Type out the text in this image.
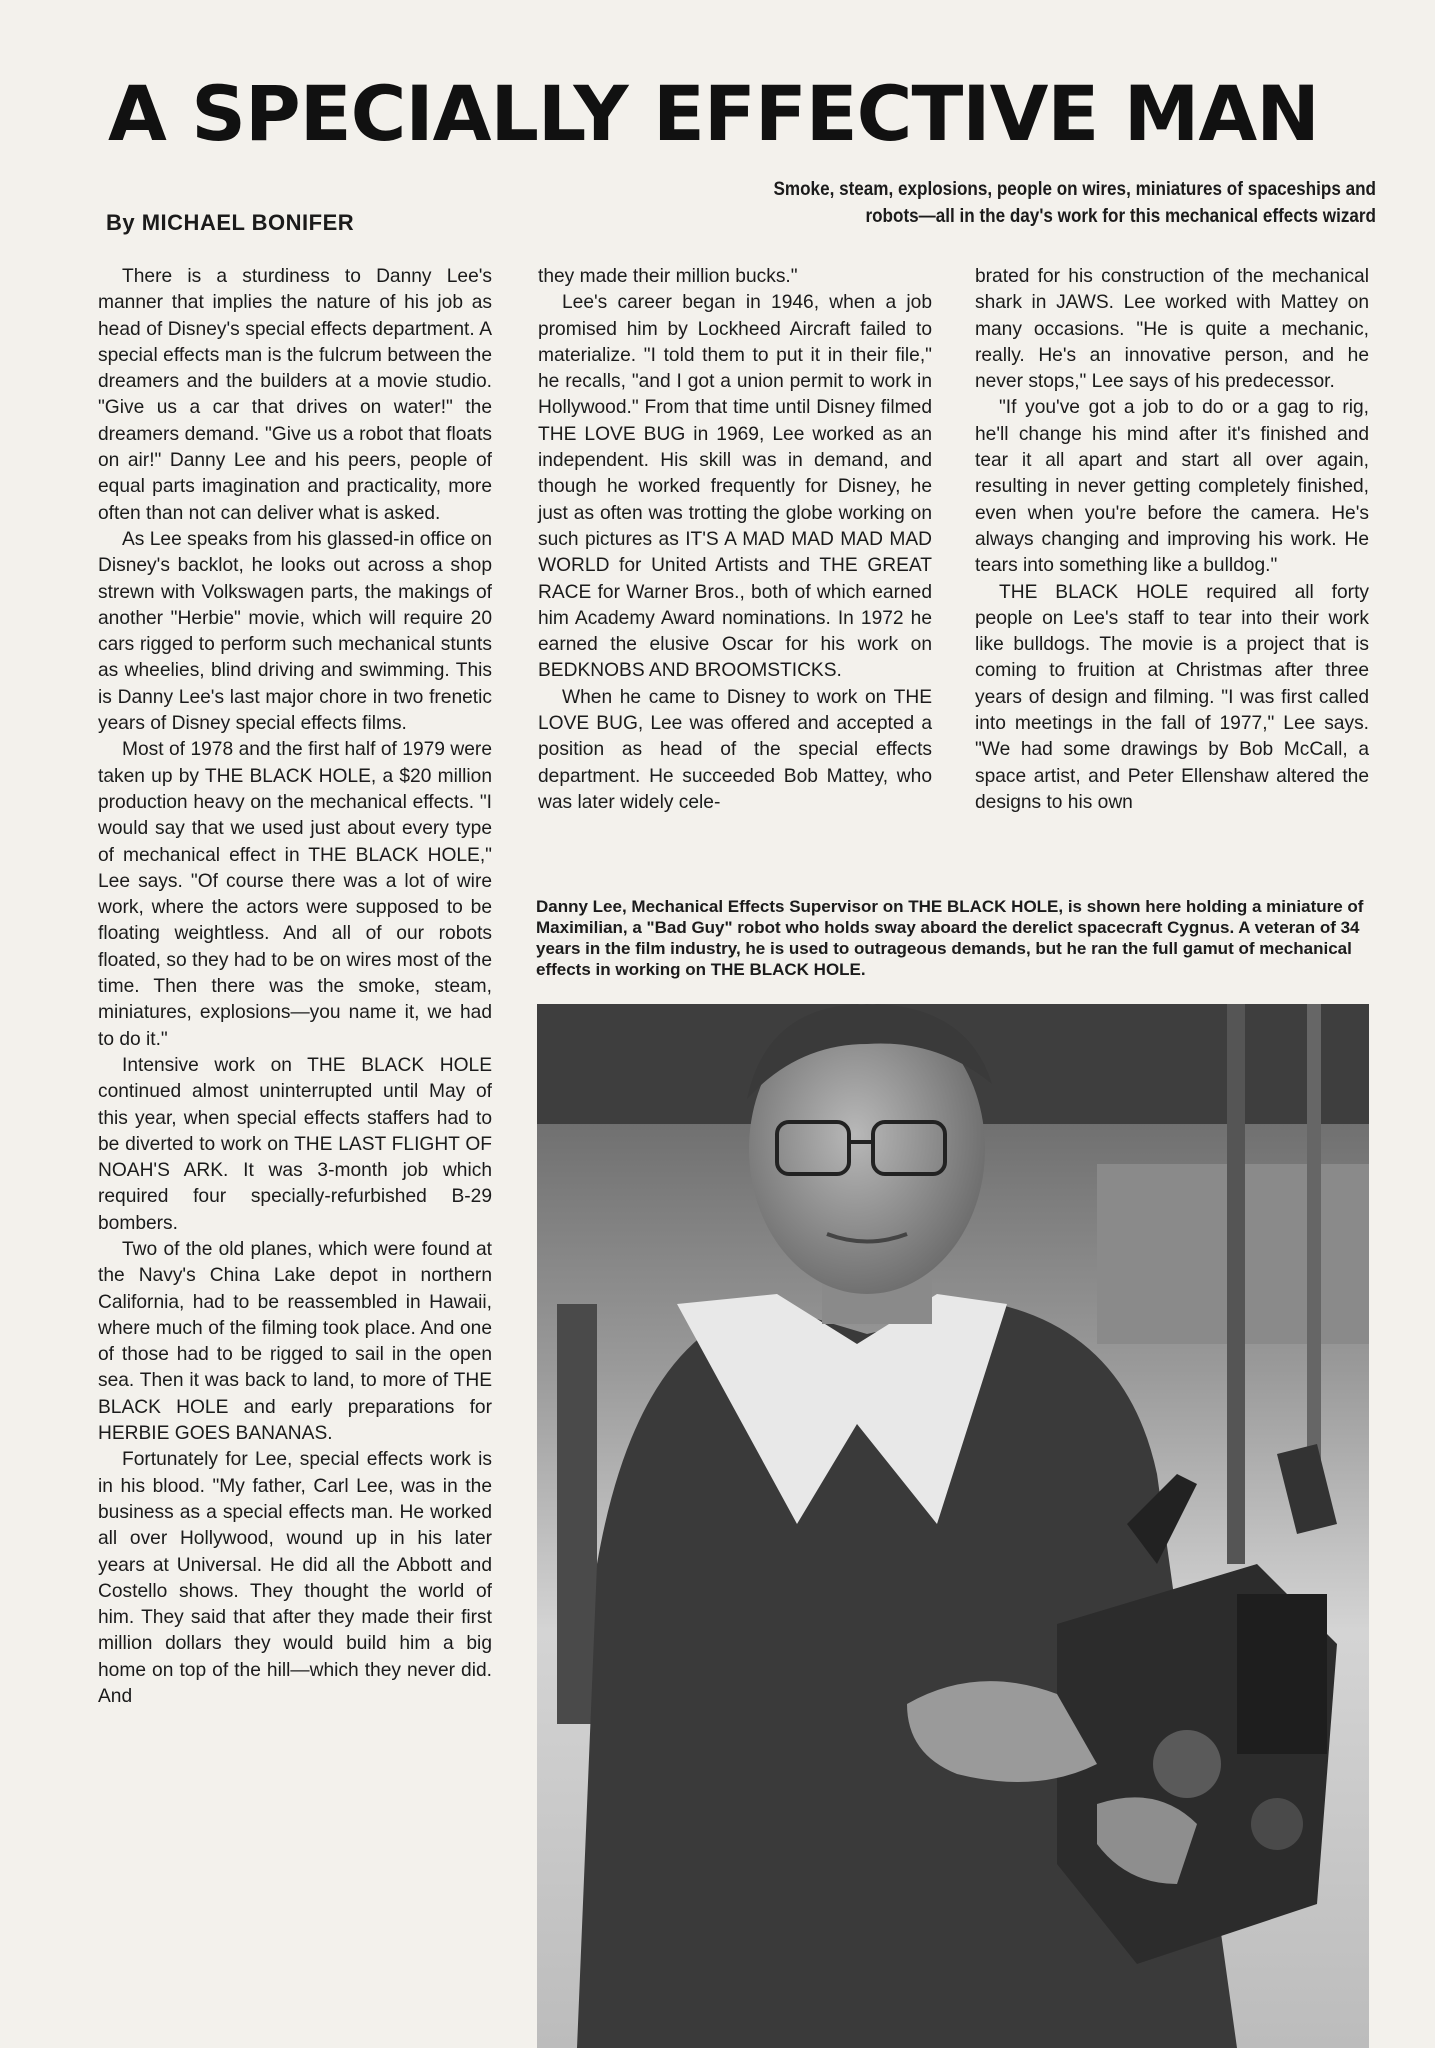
A SPECIALLY EFFECTIVE MAN
By MICHAEL BONIFER
Smoke, steam, explosions, people on wires, miniatures of spaceships and robots—all in the day's work for this mechanical effects wizard

There is a sturdiness to Danny Lee's manner that implies the nature of his job as head of Disney's special effects department. A special effects man is the fulcrum between the dreamers and the builders at a movie studio. "Give us a car that drives on water!" the dreamers demand. "Give us a robot that floats on air!" Danny Lee and his peers, people of equal parts imagination and practicality, more often than not can deliver what is asked.

As Lee speaks from his glassed-in office on Disney's backlot, he looks out across a shop strewn with Volkswagen parts, the makings of another "Herbie" movie, which will require 20 cars rigged to perform such mechanical stunts as wheelies, blind driving and swimming. This is Danny Lee's last major chore in two frenetic years of Disney special effects films.

Most of 1978 and the first half of 1979 were taken up by THE BLACK HOLE, a $20 million production heavy on the mechanical effects. "I would say that we used just about every type of mechanical effect in THE BLACK HOLE," Lee says. "Of course there was a lot of wire work, where the actors were supposed to be floating weightless. And all of our robots floated, so they had to be on wires most of the time. Then there was the smoke, steam, miniatures, explosions—you name it, we had to do it."

Intensive work on THE BLACK HOLE continued almost uninterrupted until May of this year, when special effects staffers had to be diverted to work on THE LAST FLIGHT OF NOAH'S ARK. It was 3-month job which required four specially-refurbished B-29 bombers.

Two of the old planes, which were found at the Navy's China Lake depot in northern California, had to be reassembled in Hawaii, where much of the filming took place. And one of those had to be rigged to sail in the open sea. Then it was back to land, to more of THE BLACK HOLE and early preparations for HERBIE GOES BANANAS.

Fortunately for Lee, special effects work is in his blood. "My father, Carl Lee, was in the business as a special effects man. He worked all over Hollywood, wound up in his later years at Universal. He did all the Abbott and Costello shows. They thought the world of him. They said that after they made their first million dollars they would build him a big home on top of the hill—which they never did. And

they made their million bucks."

Lee's career began in 1946, when a job promised him by Lockheed Aircraft failed to materialize. "I told them to put it in their file," he recalls, "and I got a union permit to work in Hollywood." From that time until Disney filmed THE LOVE BUG in 1969, Lee worked as an independent. His skill was in demand, and though he worked frequently for Disney, he just as often was trotting the globe working on such pictures as IT'S A MAD MAD MAD MAD WORLD for United Artists and THE GREAT RACE for Warner Bros., both of which earned him Academy Award nominations. In 1972 he earned the elusive Oscar for his work on BEDKNOBS AND BROOMSTICKS.

When he came to Disney to work on THE LOVE BUG, Lee was offered and accepted a position as head of the special effects department. He succeeded Bob Mattey, who was later widely cele-

brated for his construction of the mechanical shark in JAWS. Lee worked with Mattey on many occasions. "He is quite a mechanic, really. He's an innovative person, and he never stops," Lee says of his predecessor.

"If you've got a job to do or a gag to rig, he'll change his mind after it's finished and tear it all apart and start all over again, resulting in never getting completely finished, even when you're before the camera. He's always changing and improving his work. He tears into something like a bulldog."

THE BLACK HOLE required all forty people on Lee's staff to tear into their work like bulldogs. The movie is a project that is coming to fruition at Christmas after three years of design and filming. "I was first called into meetings in the fall of 1977," Lee says. "We had some drawings by Bob McCall, a space artist, and Peter Ellenshaw altered the designs to his own

Danny Lee, Mechanical Effects Supervisor on THE BLACK HOLE, is shown here holding a miniature of Maximilian, a "Bad Guy" robot who holds sway aboard the derelict spacecraft Cygnus. A veteran of 34 years in the film industry, he is used to outrageous demands, but he ran the full gamut of mechanical effects in working on THE BLACK HOLE.
